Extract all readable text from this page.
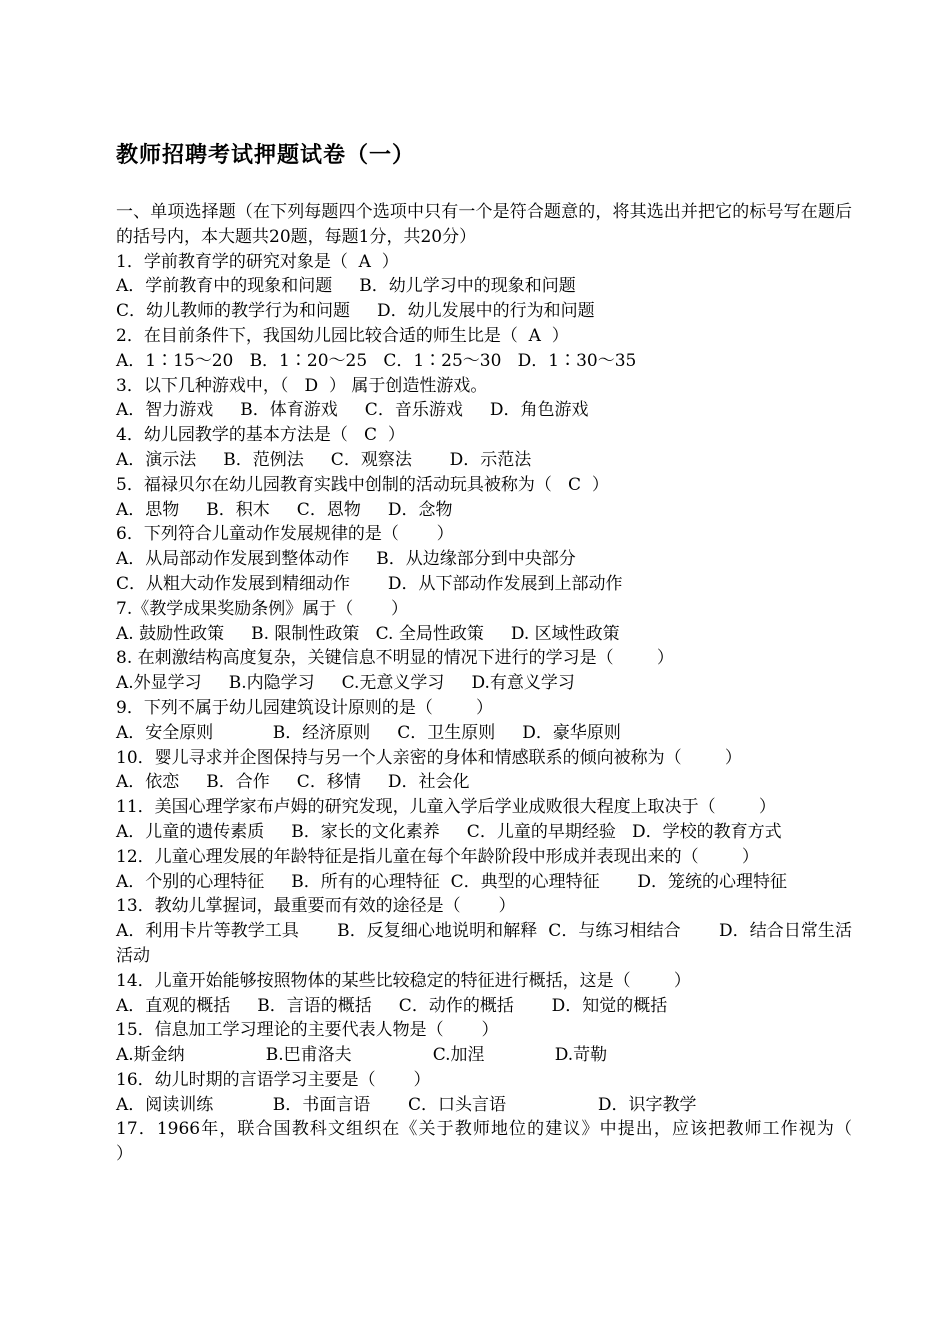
教师招聘考试押题试卷（一）
一、单项选择题（在下列每题四个选项中只有一个是符合题意的，将其选出并把它的标号写在题后的括号内，本大题共20题，每题1分，共20分）
1．学前教育学的研究对象是（  A  ）
A．学前教育中的现象和问题     B．幼儿学习中的现象和问题
C．幼儿教师的教学行为和问题     D．幼儿发展中的行为和问题
2．在目前条件下，我国幼儿园比较合适的师生比是（  A  ）
A．1∶15～20   B．1∶20～25   C．1∶25～30   D．1∶30～35
3．以下几种游戏中，（   D  ） 属于创造性游戏。
A．智力游戏     B．体育游戏     C．音乐游戏     D．角色游戏
4．幼儿园教学的基本方法是（   C  ）
A．演示法     B．范例法     C．观察法       D．示范法
5．福禄贝尔在幼儿园教育实践中创制的活动玩具被称为（   C  ）
A．思物     B．积木     C．恩物     D．念物
6．下列符合儿童动作发展规律的是（       ）
A．从局部动作发展到整体动作     B．从边缘部分到中央部分
C．从粗大动作发展到精细动作       D．从下部动作发展到上部动作
7.《教学成果奖励条例》属于（       ）
A. 鼓励性政策     B. 限制性政策   C. 全局性政策     D. 区域性政策
8. 在刺激结构高度复杂，关键信息不明显的情况下进行的学习是（        ）
A.外显学习     B.内隐学习     C.无意义学习     D.有意义学习
9．下列不属于幼儿园建筑设计原则的是（        ）
A．安全原则           B．经济原则     C．卫生原则     D．豪华原则
10．婴儿寻求并企图保持与另一个人亲密的身体和情感联系的倾向被称为（        ）
A．依恋     B．合作     C．移情     D．社会化
11．美国心理学家布卢姆的研究发现，儿童入学后学业成败很大程度上取决于（        ）
A．儿童的遗传素质     B．家长的文化素养     C．儿童的早期经验   D．学校的教育方式
12．儿童心理发展的年龄特征是指儿童在每个年龄阶段中形成并表现出来的（        ）
A．个别的心理特征     B．所有的心理特征  C．典型的心理特征       D．笼统的心理特征
13．教幼儿掌握词，最重要而有效的途径是（       ）
A．利用卡片等教学工具       B．反复细心地说明和解释  C．与练习相结合       D．结合日常生活活动
14．儿童开始能够按照物体的某些比较稳定的特征进行概括，这是（        ）
A．直观的概括     B．言语的概括     C．动作的概括       D．知觉的概括
15．信息加工学习理论的主要代表人物是（       ）
A.斯金纳               B.巴甫洛夫               C.加涅             D.苛勒
16．幼儿时期的言语学习主要是（       ）
A．阅读训练           B．书面言语       C．口头言语                 D．识字教学
17．1966年，联合国教科文组织在《关于教师地位的建议》中提出，应该把教师工作视为（       ）
